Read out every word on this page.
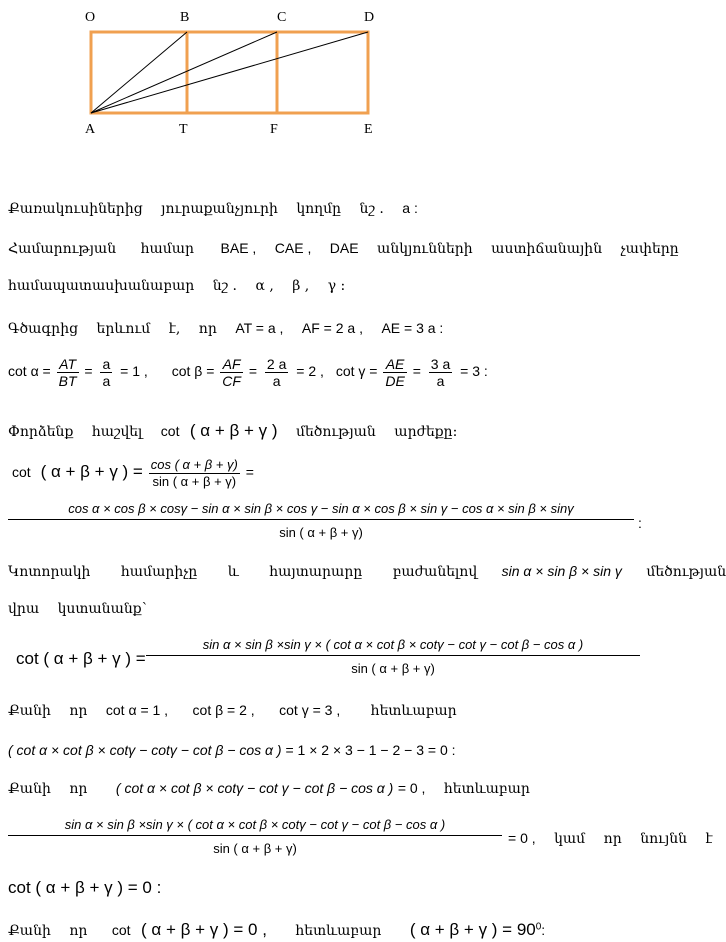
O	B	C	D
A	T	F	E
Քառակուսիներից յուրաքանչյուրի կողմը նշ . a :
Համարության համար BAE , CAE , DAE անկյունների աստիճանային չափերը
համապատասխանաբար նշ . α , β , γ :
Գծագրից երևում է, որ AT = a , AF = 2 a , AE = 3 a :
$\cot \alpha = \frac{AT}{BT} = \frac{a}{a} = 1$ , $\cot \beta = \frac{AF}{CF} = \frac{2 a}{a} = 2$ , $\cot \gamma = \frac{AE}{DE} = \frac{3 a}{a} = 3$ :
Փորձենք հաշվել cot ( α + β + γ ) մեծության արժեքը:
cot ( α + β + γ ) = $\frac{\cos ( \alpha + \beta + \gamma)}{\sin ( \alpha + \beta + \gamma)}$ =
cos α × cos β × cosγ − sin α × sin β × cos γ − sin α × cos β × sin γ − cos α × sin β × sinγ
sin ( α + β + γ)
:
Կոտորակի համարիչը և հայտարարը բաժանելով sin α × sin β × sin γ մեծության
վրա կստանանք՝
cot ( α + β + γ ) =
sin α × sin β ×sin γ × ( cot α × cot β × cotγ − cot γ − cot β − cos α )
sin ( α + β + γ)
Քանի որ cot α = 1 , cot β = 2 , cot γ = 3 , հետևաբար
( cot α × cot β × cotγ − cotγ − cot β − cos α ) = 1 × 2 × 3 − 1 − 2 − 3 = 0 :
Քանի որ ( cot α × cot β × cotγ − cot γ − cot β − cos α ) = 0 , հետևաբար
sin α × sin β ×sin γ × ( cot α × cot β × cotγ − cot γ − cot β − cos α )
sin ( α + β + γ)
= 0 , կամ որ նույնն է
cot ( α + β + γ ) = 0 :
Քանի որ cot ( α + β + γ ) = 0 , հետևաբար ( α + β + γ ) = $90^0$:
